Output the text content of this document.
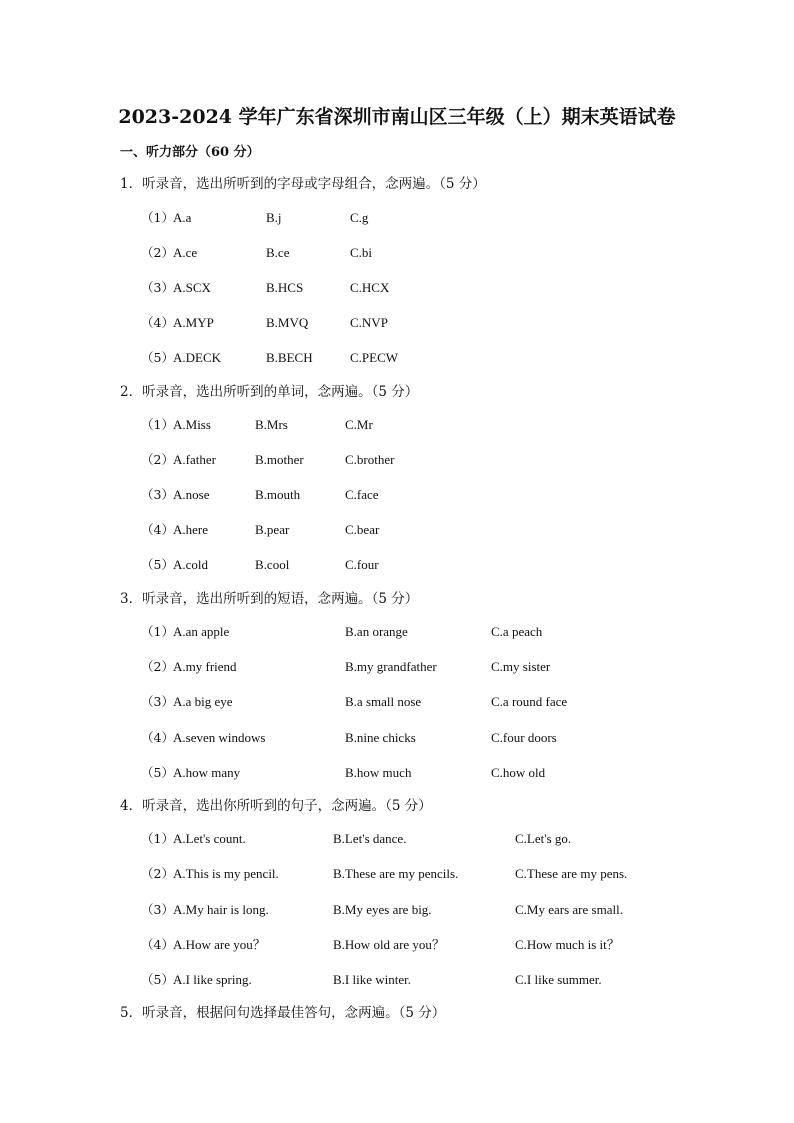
2023-2024 学年广东省深圳市南山区三年级（上）期末英语试卷
一、听力部分（60 分）
1．听录音，选出所听到的字母或字母组合，念两遍。（5 分）
（1） A.a	B.j	C.g
（2） A.ce	B.ce	C.bi
（3） A.SCX	B.HCS	C.HCX
（4） A.MYP	B.MVQ	C.NVP
（5） A.DECK	B.BECH	C.PECW
2．听录音，选出所听到的单词，念两遍。（5 分）
（1） A.Miss	B.Mrs	C.Mr
（2） A.father	B.mother	C.brother
（3） A.nose	B.mouth	C.face
（4） A.here	B.pear	C.bear
（5） A.cold	B.cool	C.four
3．听录音，选出所听到的短语，念两遍。（5 分）
（1） A.an apple	B.an orange	C.a peach
（2） A.my friend	B.my grandfather	C.my sister
（3） A.a big eye	B.a small nose	C.a round face
（4） A.seven windows	B.nine chicks	C.four doors
（5） A.how many	B.how much	C.how old
4．听录音，选出你所听到的句子，念两遍。（5 分）
（1） A.Let's count.	B.Let's dance.	C.Let's go.
（2） A.This is my pencil.	B.These are my pencils.	C.These are my pens.
（3） A.My hair is long.	B.My eyes are big.	C.My ears are small.
（4） A.How are you？	B.How old are you？	C.How much is it？
（5） A.I like spring.	B.I like winter.	C.I like summer.
5．听录音，根据问句选择最佳答句，念两遍。（5 分）
